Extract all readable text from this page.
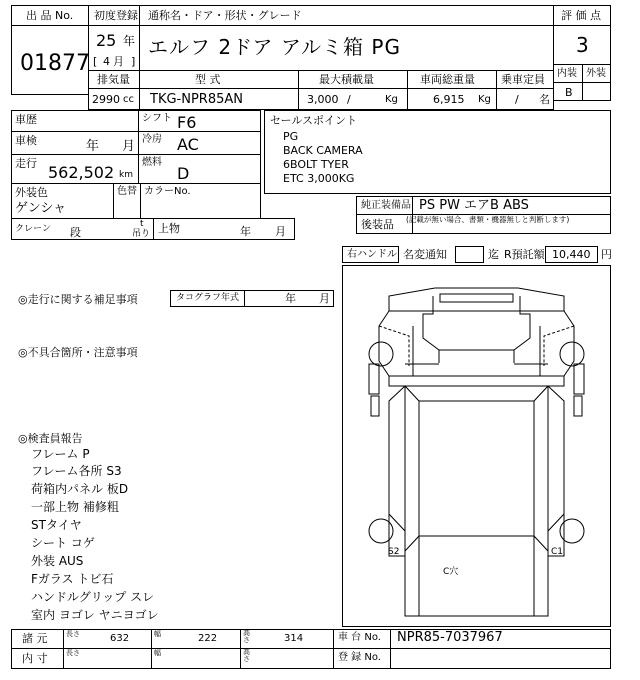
出 品 No.
01877
初度登録 通称名・ドア・形状・グレード
25 年
[ 4 月 ]
エルフ 2ドア アルミ箱 PG
評 価 点
3
内装 外装
B
排気量	型 式	最大積載量	車両総重量 乗車定員
2990 cc TKG-NPR85AN	3,000 /	Kg	6,915 Kg / 名
車歴	シフト F6
車検	年 月 冷房 AC
走行 562,502 km
燃料
D
外装色
ゲンシャ
色替 カラーNo.
クレーン 段
t
吊り 上物	年 月
セールスポイント
PG
BACK CAMERA
6BOLT TYER
ETC 3,000KG
純正装備品 PS PW エアB ABS
後装品 (記載が無い場合、書類・機器無しと判断します)
右ハンドル 名変通知	迄 R預託額 10,440 円
◎走行に関する補足事項	タコグラフ年式	年 月
◎不具合箇所・注意事項
◎検査員報告
フレーム P
フレーム各所 S3
荷箱内パネル 板D
一部上物 補修粗
STタイヤ
シート コゲ
外装 AUS
Fガラス トビ石
ハンドルグリップ スレ
室内 ヨゴレ ヤニヨゴレ
S2	C1
C穴
諸 元	長さ	632	幅	222	高さ	314
内 寸	長さ	幅	高さ
車 台 No. NPR85-7037967
登 録 No.
